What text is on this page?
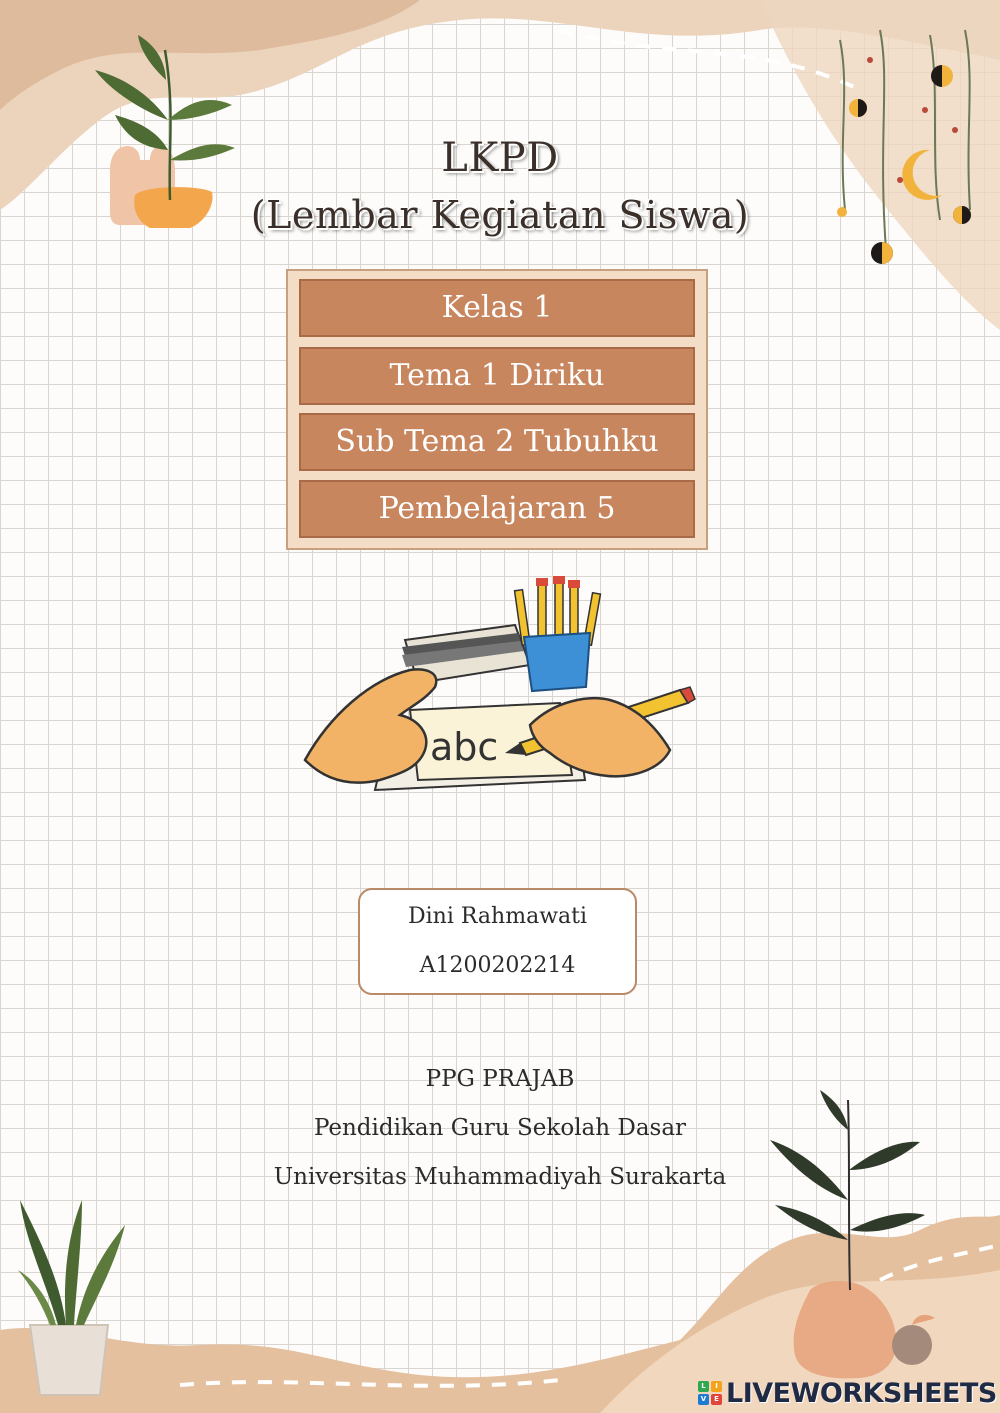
LKPD
(Lembar Kegiatan Siswa)
Kelas 1
Tema 1 Diriku
Sub Tema 2 Tubuhku
Pembelajaran 5
abc
Dini Rahmawati
A1200202214
PPG PRAJAB
Pendidikan Guru Sekolah Dasar
Universitas Muhammadiyah Surakarta
L	I
V	E LIVEWORKSHEETS
